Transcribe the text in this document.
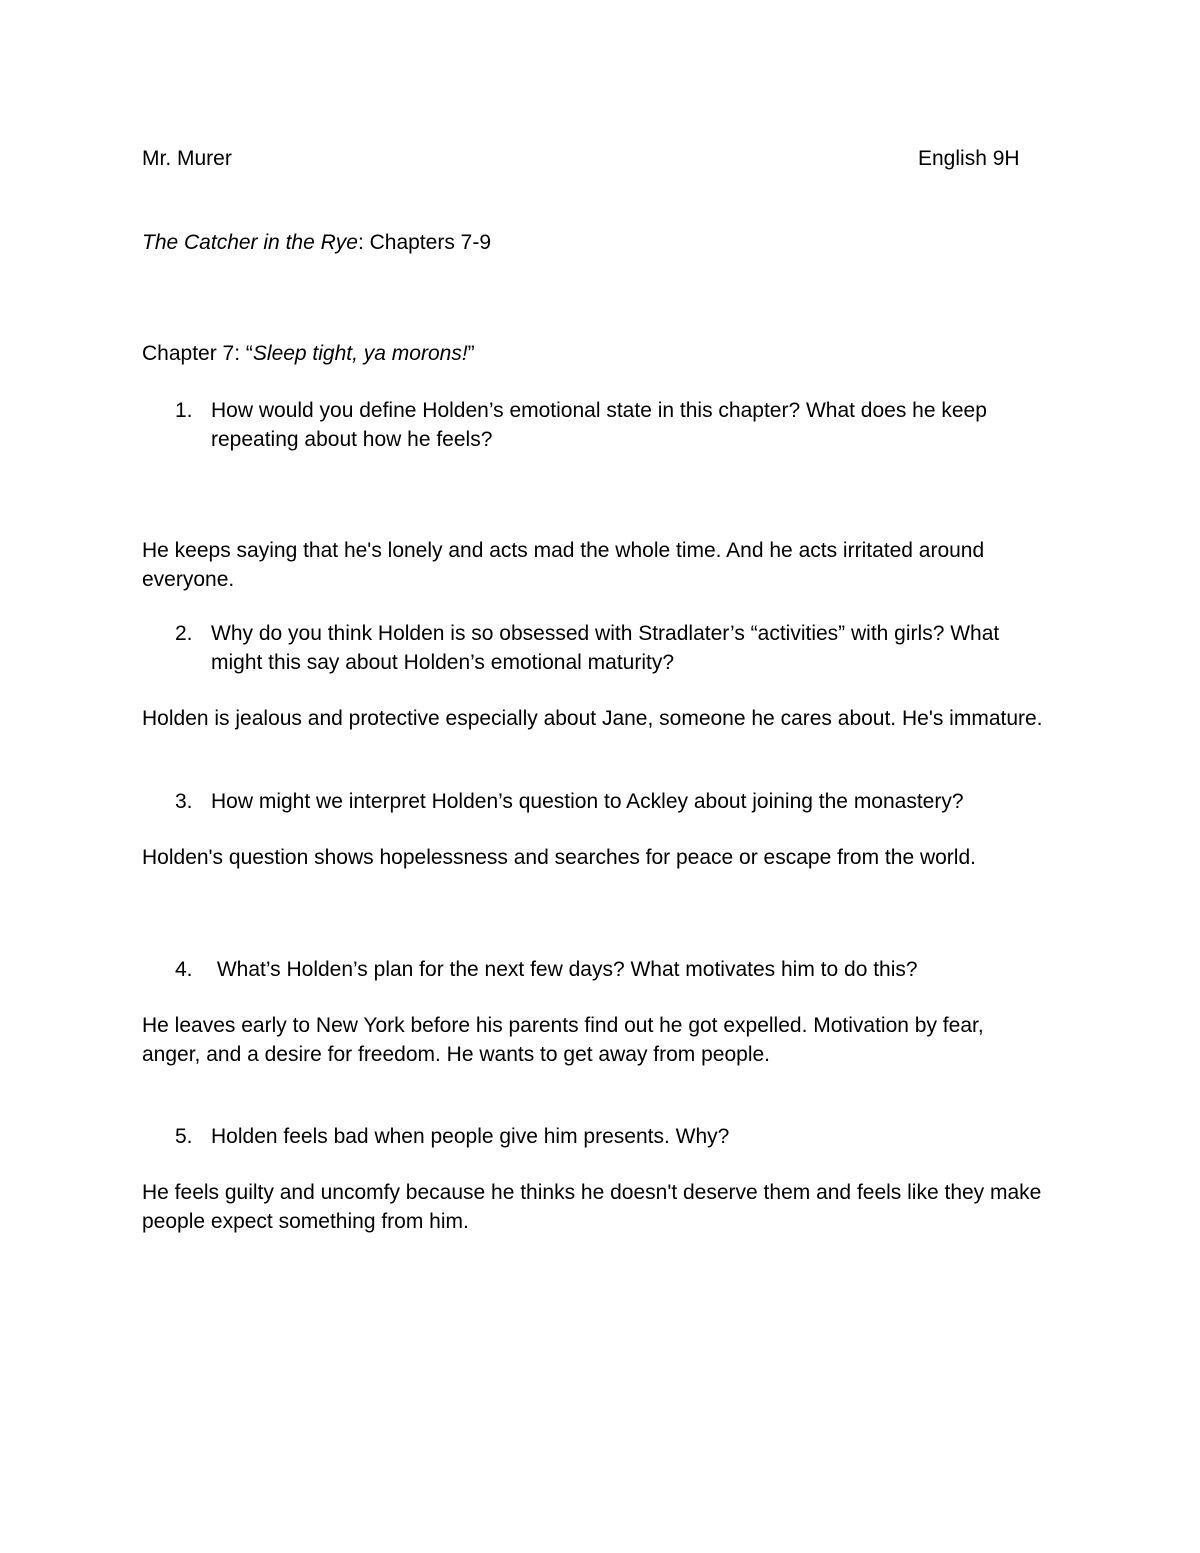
Mr. Murer	English 9H
The Catcher in the Rye: Chapters 7-9
Chapter 7: “Sleep tight, ya morons!”
1. How would you define Holden’s emotional state in this chapter? What does he keep
repeating about how he feels?
He keeps saying that he's lonely and acts mad the whole time. And he acts irritated around
everyone.
2. Why do you think Holden is so obsessed with Stradlater’s “activities” with girls? What
might this say about Holden’s emotional maturity?
Holden is jealous and protective especially about Jane, someone he cares about. He's immature.
3. How might we interpret Holden’s question to Ackley about joining the monastery?
Holden's question shows hopelessness and searches for peace or escape from the world.
4. What’s Holden’s plan for the next few days? What motivates him to do this?
He leaves early to New York before his parents find out he got expelled. Motivation by fear,
anger, and a desire for freedom. He wants to get away from people.
5. Holden feels bad when people give him presents. Why?
He feels guilty and uncomfy because he thinks he doesn't deserve them and feels like they make
people expect something from him.
